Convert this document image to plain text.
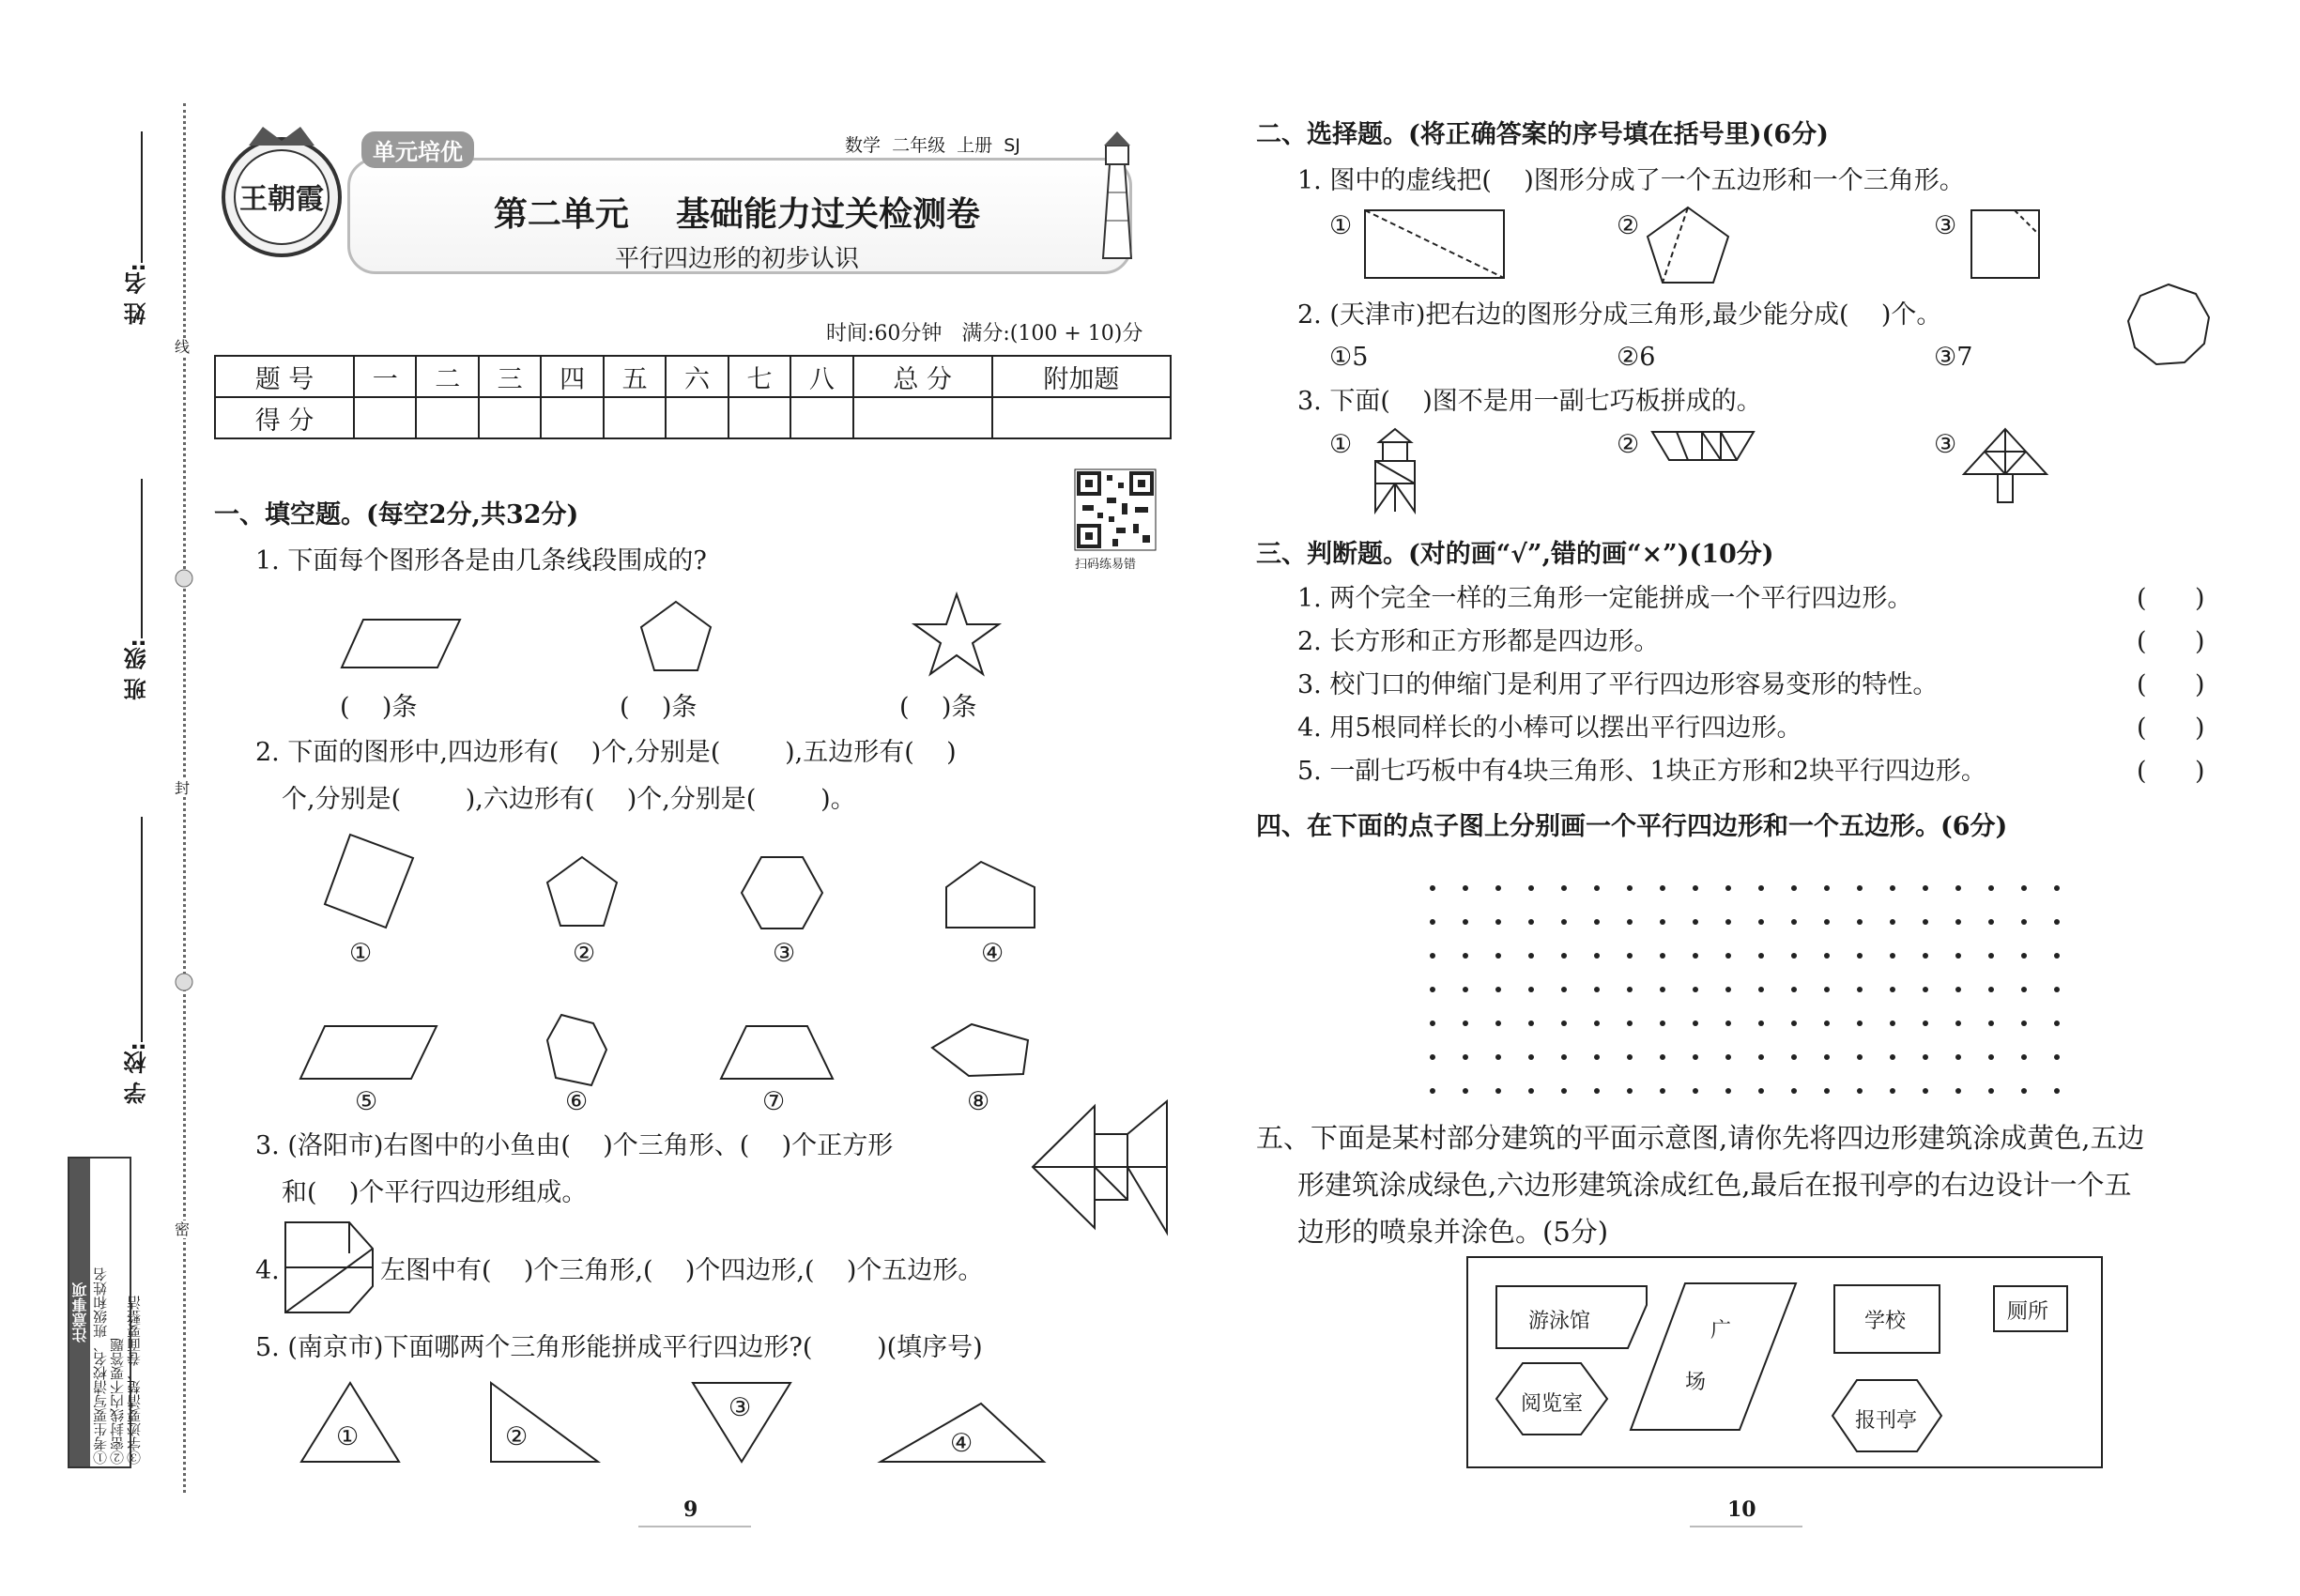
姓 名:
班 级:
学 校:
线
封
密
注意事项 ①考生要写清校名、班级和姓名 ②密封线内不要答题 ③字迹要清楚、卷面要整洁
王朝霞
单元培优	数学  二年级  上册  SJ
第二单元    基础能力过关检测卷
平行四边形的初步认识
时间:60分钟   满分:(100 + 10)分
题 号	一	二	三	四	五	六	七	八	总 分	附加题
得 分										
扫码练易错
一、填空题。(每空2分,共32分)
1. 下面每个图形各是由几条线段围成的?
(    )条	(    )条	(    )条
2. 下面的图形中,四边形有(    )个,分别是(        ),五边形有(    )
个,分别是(        ),六边形有(    )个,分别是(        )。
①	②	③	④
⑤	⑥	⑦	⑧
3. (洛阳市)右图中的小鱼由(    )个三角形、(    )个正方形
和(    )个平行四边形组成。
4.	左图中有(    )个三角形,(    )个四边形,(    )个五边形。
5. (南京市)下面哪两个三角形能拼成平行四边形?(        )(填序号)
①	②
③
④
9
二、选择题。(将正确答案的序号填在括号里)(6分)
1. 图中的虚线把(    )图形分成了一个五边形和一个三角形。
①	②	③
2. (天津市)把右边的图形分成三角形,最少能分成(    )个。
①5	②6	③7
3. 下面(    )图不是用一副七巧板拼成的。
①	②	③
三、判断题。(对的画“√”,错的画“×”)(10分)
1. 两个完全一样的三角形一定能拼成一个平行四边形。	(      )
2. 长方形和正方形都是四边形。	(      )
3. 校门口的伸缩门是利用了平行四边形容易变形的特性。	(      )
4. 用5根同样长的小棒可以摆出平行四边形。	(      )
5. 一副七巧板中有4块三角形、1块正方形和2块平行四边形。	(      )
四、在下面的点子图上分别画一个平行四边形和一个五边形。(6分)
五、下面是某村部分建筑的平面示意图,请你先将四边形建筑涂成黄色,五边
形建筑涂成绿色,六边形建筑涂成红色,最后在报刊亭的右边设计一个五
边形的喷泉并涂色。(5分)
游泳馆	广
场
学校	厕所
阅览室
报刊亭
10
